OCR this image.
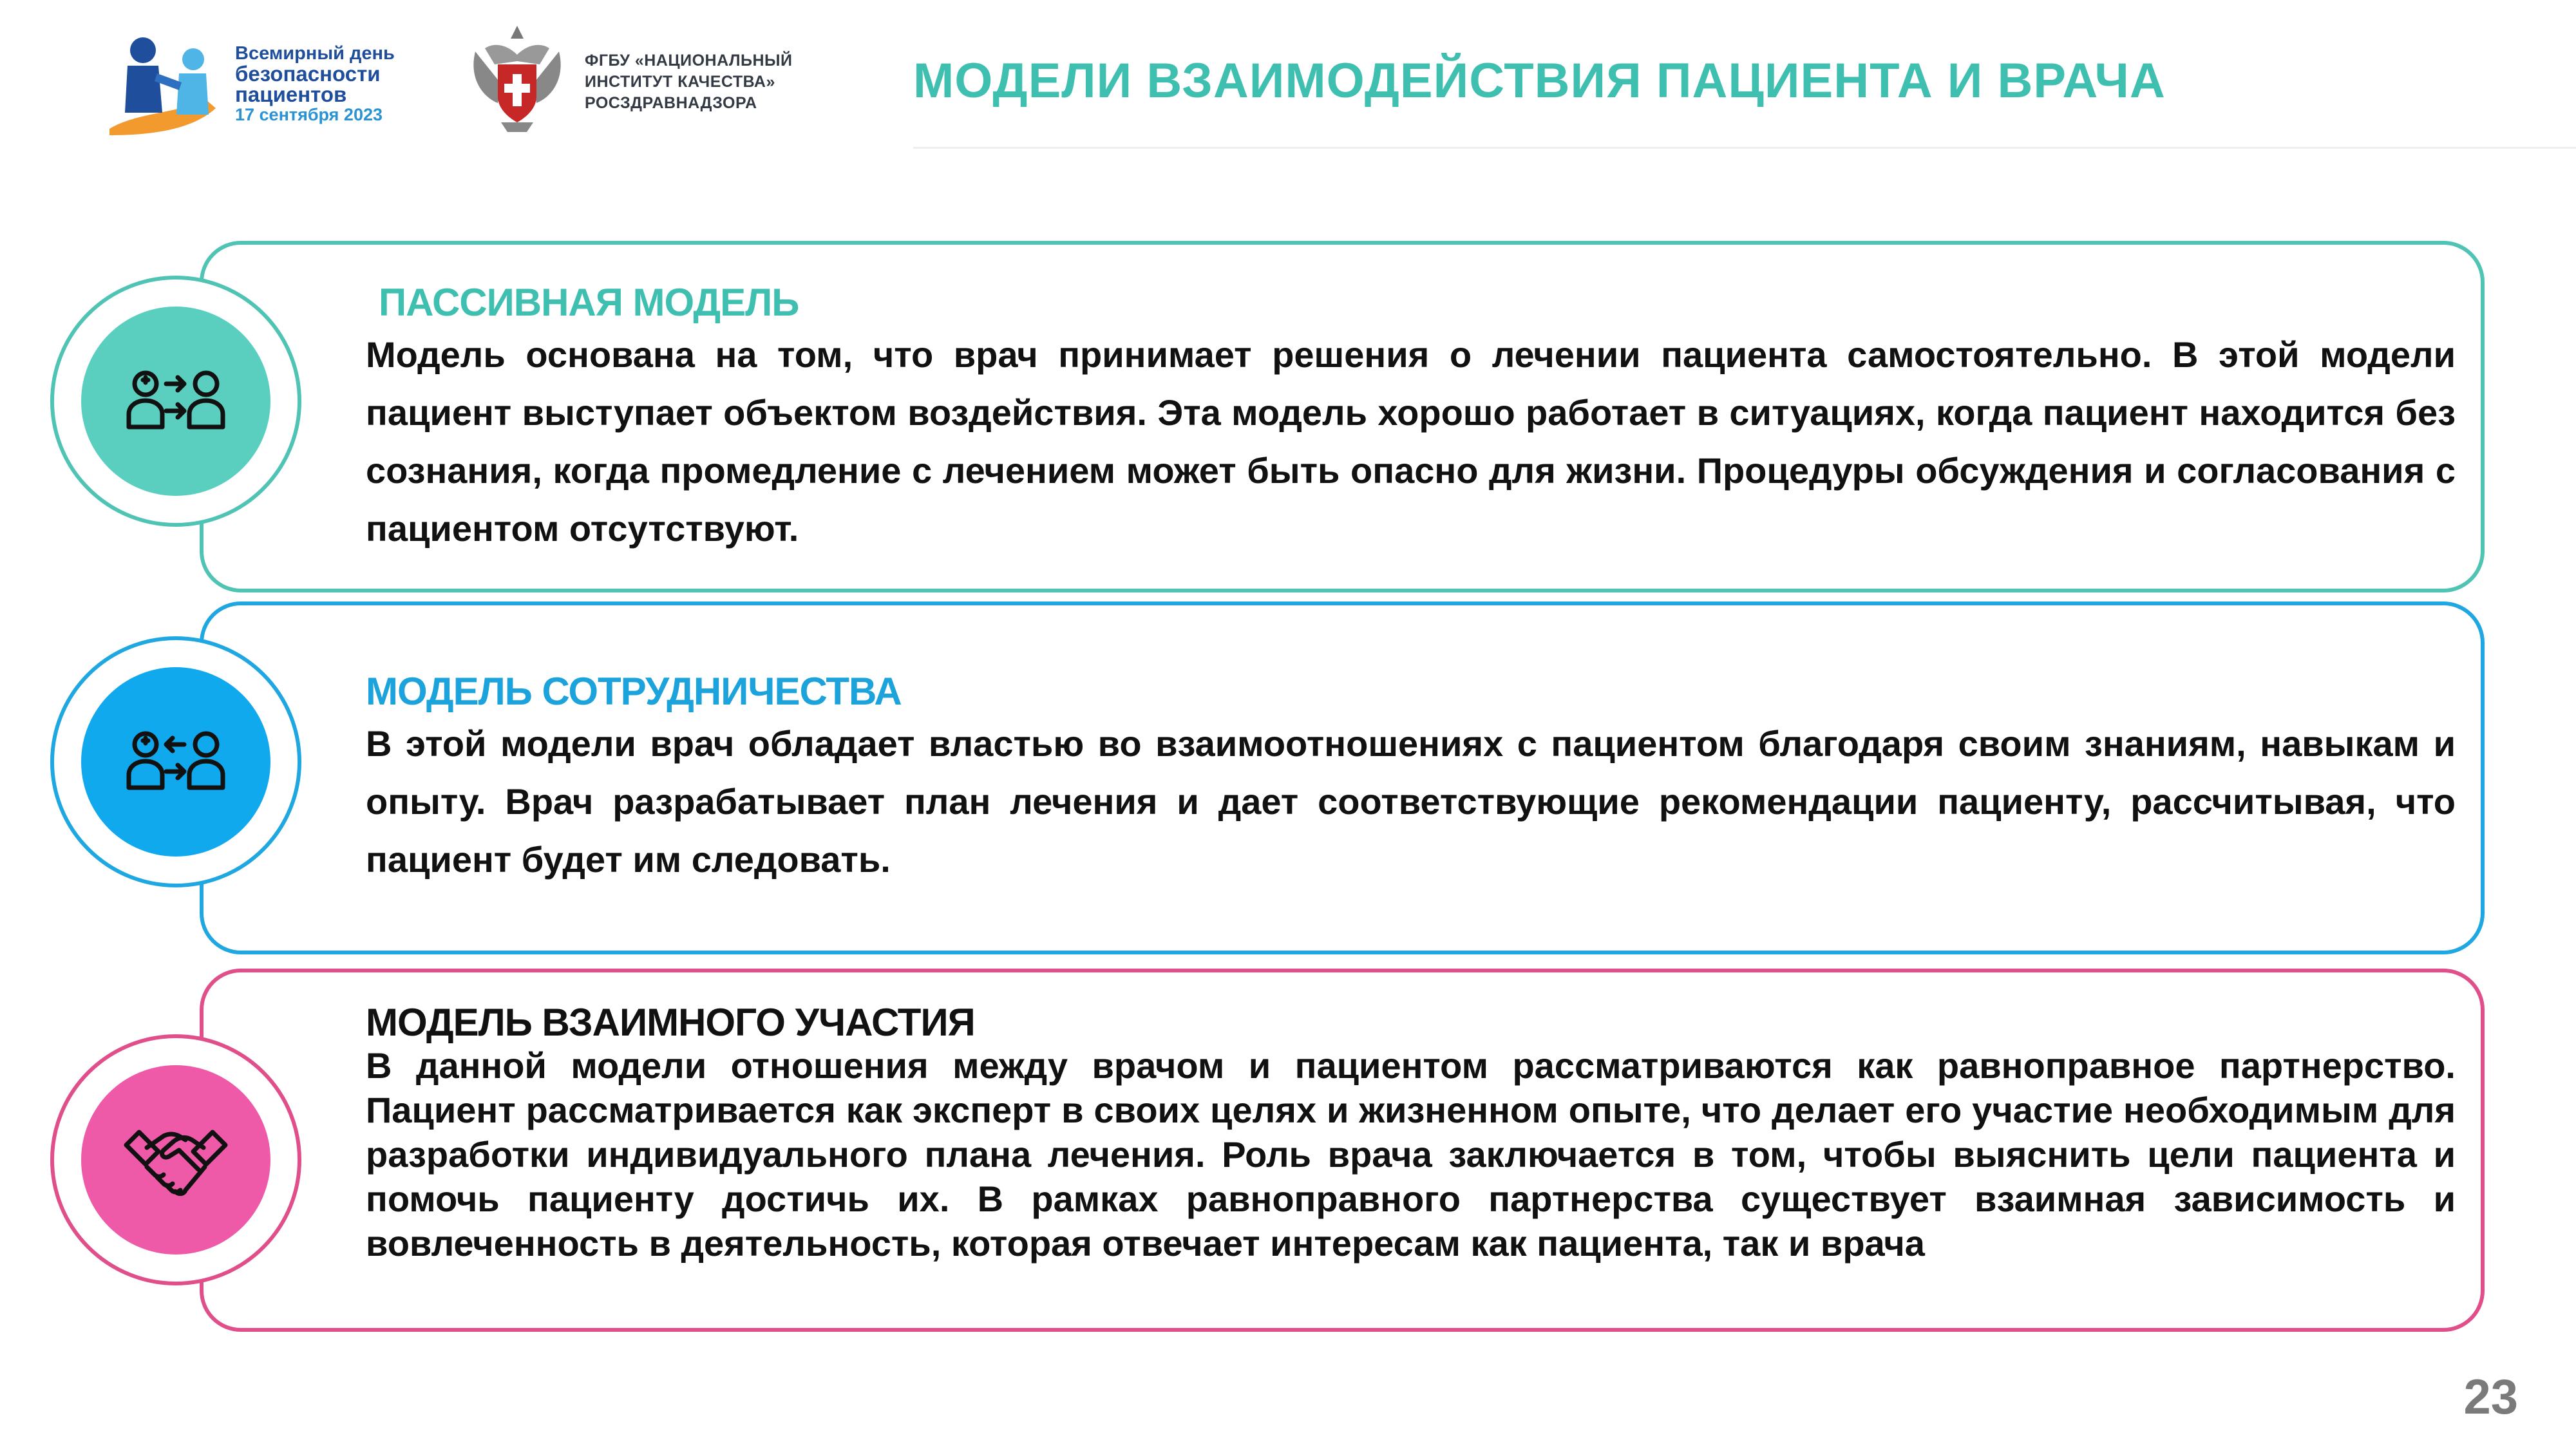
Всемирный день
безопасности
пациентов
17 сентября 2023
ФГБУ «НАЦИОНАЛЬНЫЙ
ИНСТИТУТ КАЧЕСТВА»
РОСЗДРАВНАДЗОРА	МОДЕЛИ ВЗАИМОДЕЙСТВИЯ ПАЦИЕНТА И ВРАЧА
ПАССИВНАЯ МОДЕЛЬ

Модель основана на том, что врач принимает решения о лечении пациента самостоятельно. В этой модели пациент выступает объектом воздействия. Эта модель хорошо работает в ситуациях, когда пациент находится без сознания, когда промедление с лечением может быть опасно для жизни. Процедуры обсуждения и согласования с пациентом отсутствуют.

МОДЕЛЬ СОТРУДНИЧЕСТВА

В этой модели врач обладает властью во взаимоотношениях с пациентом благодаря своим знаниям, навыкам и опыту. Врач разрабатывает план лечения и дает соответствующие рекомендации пациенту, рассчитывая, что пациент будет им следовать.

МОДЕЛЬ ВЗАИМНОГО УЧАСТИЯ

В данной модели отношения между врачом и пациентом рассматриваются как равноправное партнерство. Пациент рассматривается как эксперт в своих целях и жизненном опыте, что делает его участие необходимым для разработки индивидуального плана лечения. Роль врача заключается в том, чтобы выяснить цели пациента и помочь пациенту достичь их. В рамках равноправного партнерства существует взаимная зависимость и вовлеченность в деятельность, которая отвечает интересам как пациента, так и врача

23
